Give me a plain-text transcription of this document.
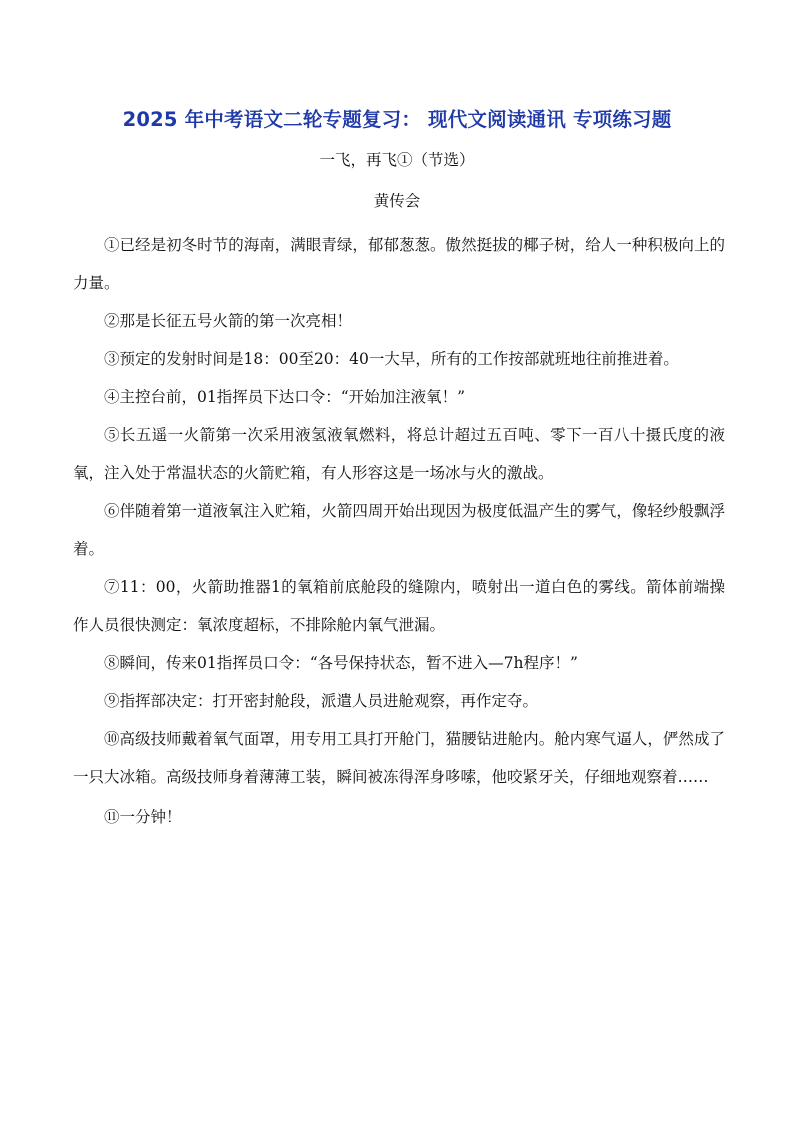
2025 年中考语文二轮专题复习： 现代文阅读通讯 专项练习题
一飞，再飞①（节选）
黄传会

①已经是初冬时节的海南，满眼青绿，郁郁葱葱。傲然挺拔的椰子树，给人一种积极向上的力量。

②那是长征五号火箭的第一次亮相！

③预定的发射时间是18：00至20：40一大早，所有的工作按部就班地往前推进着。

④主控台前，01指挥员下达口令：“开始加注液氧！”

⑤长五遥一火箭第一次采用液氢液氧燃料，将总计超过五百吨、零下一百八十摄氏度的液氧，注入处于常温状态的火箭贮箱，有人形容这是一场冰与火的激战。

⑥伴随着第一道液氧注入贮箱，火箭四周开始出现因为极度低温产生的雾气，像轻纱般飘浮着。

⑦11：00，火箭助推器1的氧箱前底舱段的缝隙内，喷射出一道白色的雾线。箭体前端操作人员很快测定：氧浓度超标，不排除舱内氧气泄漏。

⑧瞬间，传来01指挥员口令：“各号保持状态，暂不进入—7h程序！”

⑨指挥部决定：打开密封舱段，派遣人员进舱观察，再作定夺。

⑩高级技师戴着氧气面罩，用专用工具打开舱门，猫腰钻进舱内。舱内寒气逼人，俨然成了一只大冰箱。高级技师身着薄薄工装，瞬间被冻得浑身哆嗦，他咬紧牙关，仔细地观察着……

⑪一分钟！
